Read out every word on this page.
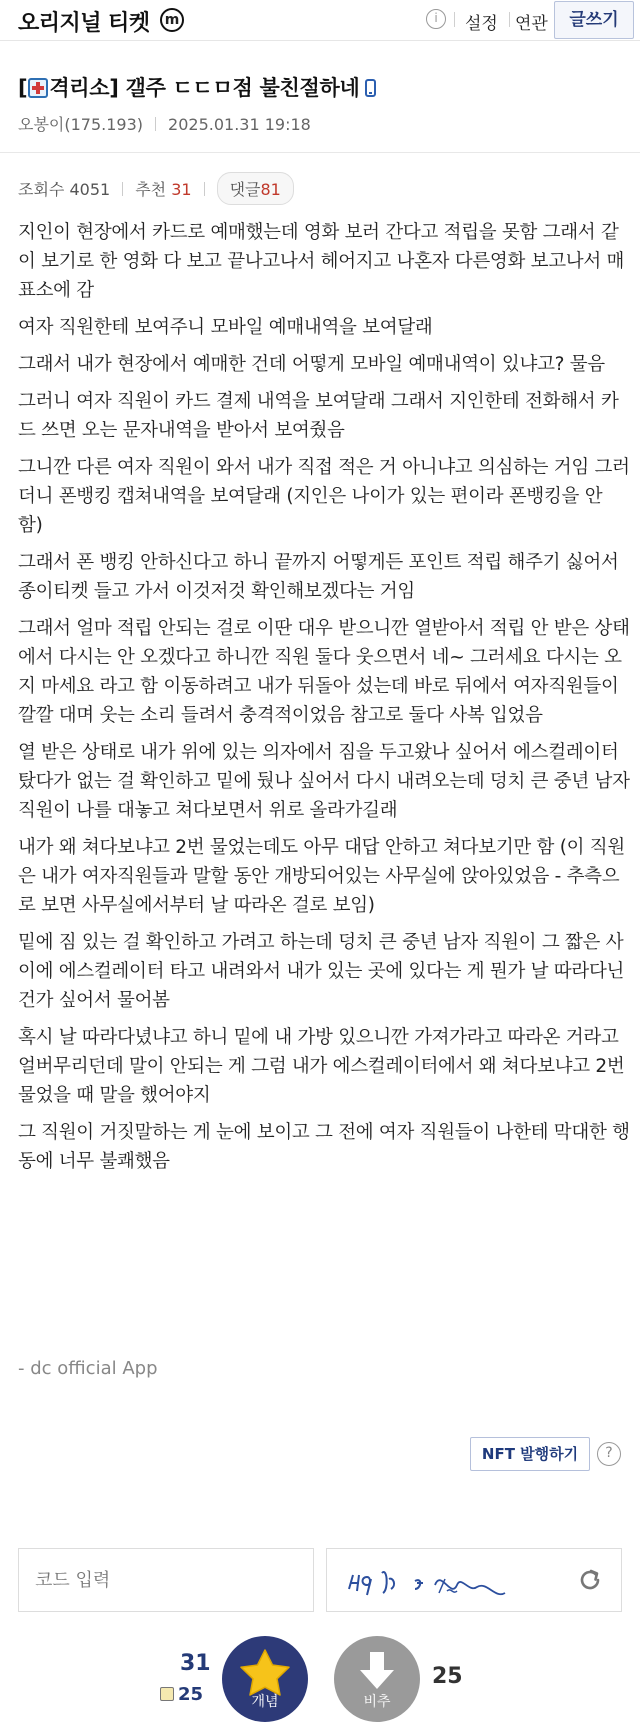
오리지널 티켓	m	i	설정 연관	글쓰기
[ 격리소] 갤주 ㄷㄷㅁ점 불친절하네
오봉이(175.193) 2025.01.31 19:18
조회수 4051 추천 31 댓글81

지인이 현장에서 카드로 예매했는데 영화 보러 간다고 적립을 못함 그래서 같이 보기로 한 영화 다 보고 끝나고나서 헤어지고 나혼자 다른영화 보고나서 매표소에 감

여자 직원한테 보여주니 모바일 예매내역을 보여달래

그래서 내가 현장에서 예매한 건데 어떻게 모바일 예매내역이 있냐고? 물음

그러니 여자 직원이 카드 결제 내역을 보여달래 그래서 지인한테 전화해서 카드 쓰면 오는 문자내역을 받아서 보여줬음

그니깐 다른 여자 직원이 와서 내가 직접 적은 거 아니냐고 의심하는 거임 그러더니 폰뱅킹 캡쳐내역을 보여달래 (지인은 나이가 있는 편이라 폰뱅킹을 안 함)

그래서 폰 뱅킹 안하신다고 하니 끝까지 어떻게든 포인트 적립 해주기 싫어서 종이티켓 들고 가서 이것저것 확인해보겠다는 거임

그래서 얼마 적립 안되는 걸로 이딴 대우 받으니깐 열받아서 적립 안 받은 상태에서 다시는 안 오겠다고 하니깐 직원 둘다 웃으면서 네~ 그러세요 다시는 오지 마세요 라고 함 이동하려고 내가 뒤돌아 섰는데 바로 뒤에서 여자직원들이 깔깔 대며 웃는 소리 들려서 충격적이었음 참고로 둘다 사복 입었음

열 받은 상태로 내가 위에 있는 의자에서 짐을 두고왔나 싶어서 에스컬레이터 탔다가 없는 걸 확인하고 밑에 뒀나 싶어서 다시 내려오는데 덩치 큰 중년 남자 직원이 나를 대놓고 쳐다보면서 위로 올라가길래

내가 왜 쳐다보냐고 2번 물었는데도 아무 대답 안하고 쳐다보기만 함 (이 직원은 내가 여자직원들과 말할 동안 개방되어있는 사무실에 앉아있었음 - 추측으로 보면 사무실에서부터 날 따라온 걸로 보임)

밑에 짐 있는 걸 확인하고 가려고 하는데 덩치 큰 중년 남자 직원이 그 짧은 사이에 에스컬레이터 타고 내려와서 내가 있는 곳에 있다는 게 뭔가 날 따라다닌건가 싶어서 물어봄

혹시 날 따라다녔냐고 하니 밑에 내 가방 있으니깐 가져가라고 따라온 거라고 얼버무리던데 말이 안되는 게 그럼 내가 에스컬레이터에서 왜 쳐다보냐고 2번 물었을 때 말을 했어야지

그 직원이 거짓말하는 게 눈에 보이고 그 전에 여자 직원들이 나한테 막대한 행동에 너무 불쾌했음

- dc official App
NFT 발행하기	?
코드 입력
31
25	개념	비추
25
